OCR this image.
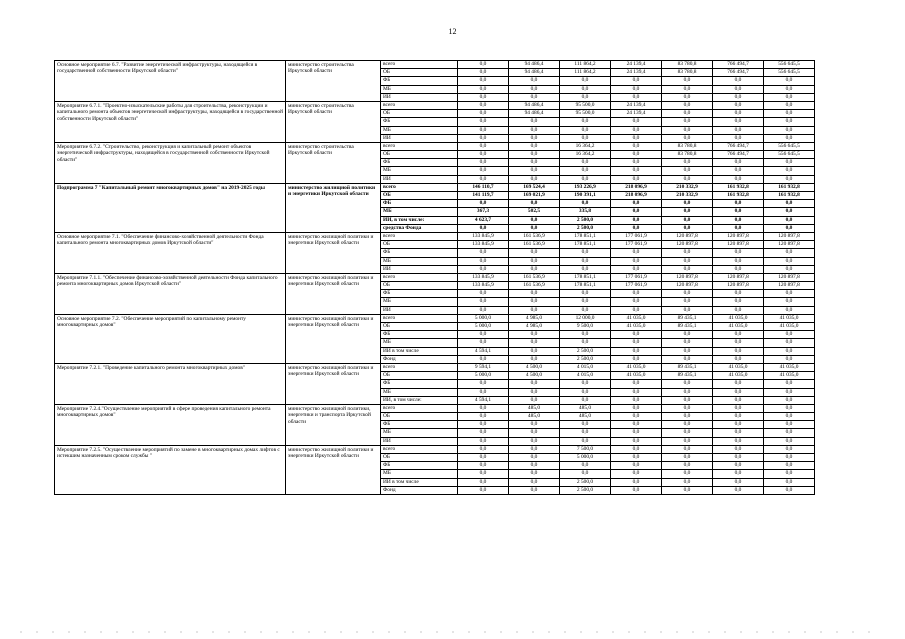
12
Основное мероприятие 6.7. "Развитие энергетической инфраструктуры, находящейся в государственной собственности Иркутской области"	министерство строительства Иркутской области	всего	0,0	94 486,4	111 864,2	24 139,4	83 780,8	766 494,7	556 645,5
		ОБ	0,0	94 486,4	111 864,2	24 139,4	83 780,8	766 494,7	556 645,5
		ФБ	0,0	0,0	0,0	0,0	0,0	0,0	0,0
		МБ	0,0	0,0	0,0	0,0	0,0	0,0	0,0
		ИИ	0,0	0,0	0,0	0,0	0,0	0,0	0,0
Мероприятие 6.7.1. "Проектно-изыскательские работы для строительства, реконструкции и капитального ремонта объектов энергетической инфраструктуры, находящейся в государственной собственности Иркутской области"	министерство строительства Иркутской области	всего	0,0	94 486,4	95 500,0	24 139,4	0,0	0,0	0,0
		ОБ	0,0	94 486,4	95 500,0	24 139,4	0,0	0,0	0,0
		ФБ	0,0	0,0	0,0	0,0	0,0	0,0	0,0
		МБ	0,0	0,0	0,0	0,0	0,0	0,0	0,0
		ИИ	0,0	0,0	0,0	0,0	0,0	0,0	0,0
Мероприятие 6.7.2. "Строительство, реконструкция и капитальный ремонт объектов энергетической инфраструктуры, находящейся в государственной собственности Иркутской области"	министерство строительства Иркутской области	всего	0,0	0,0	16 364,2	0,0	83 780,8	766 494,7	556 645,5
		ОБ	0,0	0,0	16 364,2	0,0	83 780,8	766 494,7	556 645,5
		ФБ	0,0	0,0	0,0	0,0	0,0	0,0	0,0
		МБ	0,0	0,0	0,0	0,0	0,0	0,0	0,0
		ИИ	0,0	0,0	0,0	0,0	0,0	0,0	0,0
Подпрограмма 7 "Капитальный ремонт многоквартирных домов" на 2019-2025 годы	министерство жилищной политики и энергетики Иркутской области	всего	146 110,7	169 524,4	193 226,9	218 096,9	210 332,9	161 932,8	161 932,8
		ОБ	141 119,7	169 021,9	190 391,1	218 096,9	210 332,9	161 932,8	161 932,8
		ФБ	0,0	0,0	0,0	0,0	0,0	0,0	0,0
		МБ	367,3	502,5	335,8	0,0	0,0	0,0	0,0
		ИИ, в том числе:	4 623,7	0,0	2 500,0	0,0	0,0	0,0	0,0
		средства Фонда	0,0	0,0	2 500,0	0,0	0,0	0,0	0,0
Основное мероприятие 7.1. "Обеспечение финансово-хозяйственной деятельности Фонда капитального ремонта многоквартирных домов Иркутской области"	министерство жилищной политики и энергетики Иркутской области	всего	133 845,9	161 536,9	178 851,1	177 061,9	120 897,8	120 897,8	120 897,8
		ОБ	133 845,9	161 536,9	178 851,1	177 061,9	120 897,8	120 897,8	120 897,8
		ФБ	0,0	0,0	0,0	0,0	0,0	0,0	0,0
		МБ	0,0	0,0	0,0	0,0	0,0	0,0	0,0
		ИИ	0,0	0,0	0,0	0,0	0,0	0,0	0,0
Мероприятие 7.1.1. "Обеспечение финансово-хозяйственной деятельности Фонда капитального ремонта многоквартирных домов Иркутской области"	министерство жилищной политики и энергетики Иркутской области	всего	133 845,9	161 536,9	178 851,1	177 061,9	120 897,8	120 897,8	120 897,8
		ОБ	133 845,9	161 536,9	178 851,1	177 061,9	120 897,8	120 897,8	120 897,8
		ФБ	0,0	0,0	0,0	0,0	0,0	0,0	0,0
		МБ	0,0	0,0	0,0	0,0	0,0	0,0	0,0
		ИИ	0,0	0,0	0,0	0,0	0,0	0,0	0,0
Основное мероприятие 7.2. "Обеспечение мероприятий по капитальному ремонту многоквартирных домов"	министерство жилищной политики и энергетики Иркутской области	всего	5 000,0	4 985,0	12 000,0	41 035,0	89 435,1	41 035,0	41 035,0
		ОБ	5 000,0	4 985,0	9 500,0	41 035,0	89 435,1	41 035,0	41 035,0
		ФБ	0,0	0,0	0,0	0,0	0,0	0,0	0,0
		МБ	0,0	0,0	0,0	0,0	0,0	0,0	0,0
		ИИ в том числе	4 594,1	0,0	2 500,0	0,0	0,0	0,0	0,0
		Фонд	0,0	0,0	2 500,0	0,0	0,0	0,0	0,0
Мероприятие 7.2.1. "Проведение капитального ремонта многоквартирных домов"	министерство жилищной политики и энергетики Иркутской области	всего	9 594,1	4 500,0	4 015,0	41 035,0	89 435,1	41 035,0	41 035,0
		ОБ	5 000,0	4 500,0	4 015,0	41 035,0	89 435,1	41 035,0	41 035,0
		ФБ	0,0	0,0	0,0	0,0	0,0	0,0	0,0
		МБ	0,0	0,0	0,0	0,0	0,0	0,0	0,0
		ИИ, в том числе:	4 594,1	0,0	0,0	0,0	0,0	0,0	0,0
Мероприятие 7.2.4."Осуществление мероприятий в сфере проведения капитального ремонта многоквартирных домов"	министерство жилищной политики, энергетики и транспорта Иркутской области	всего	0,0	485,0	485,0	0,0	0,0	0,0	0,0
		ОБ	0,0	485,0	485,0	0,0	0,0	0,0	0,0
		ФБ	0,0	0,0	0,0	0,0	0,0	0,0	0,0
		МБ	0,0	0,0	0,0	0,0	0,0	0,0	0,0
		ИИ	0,0	0,0	0,0	0,0	0,0	0,0	0,0
Мероприятие 7.2.5. "Осуществление мероприятий по замене в многоквартирных домах лифтов с истекшим назначенным сроком службы "	министерство жилищной политики и энергетики Иркутской области	всего	0,0	0,0	7 500,0	0,0	0,0	0,0	0,0
		ОБ	0,0	0,0	5 000,0	0,0	0,0	0,0	0,0
		ФБ	0,0	0,0	0,0	0,0	0,0	0,0	0,0
		МБ	0,0	0,0	0,0	0,0	0,0	0,0	0,0
		ИИ в том числе	0,0	0,0	2 500,0	0,0	0,0	0,0	0,0
		Фонд	0,0	0,0	2 500,0	0,0	0,0	0,0	0,0
